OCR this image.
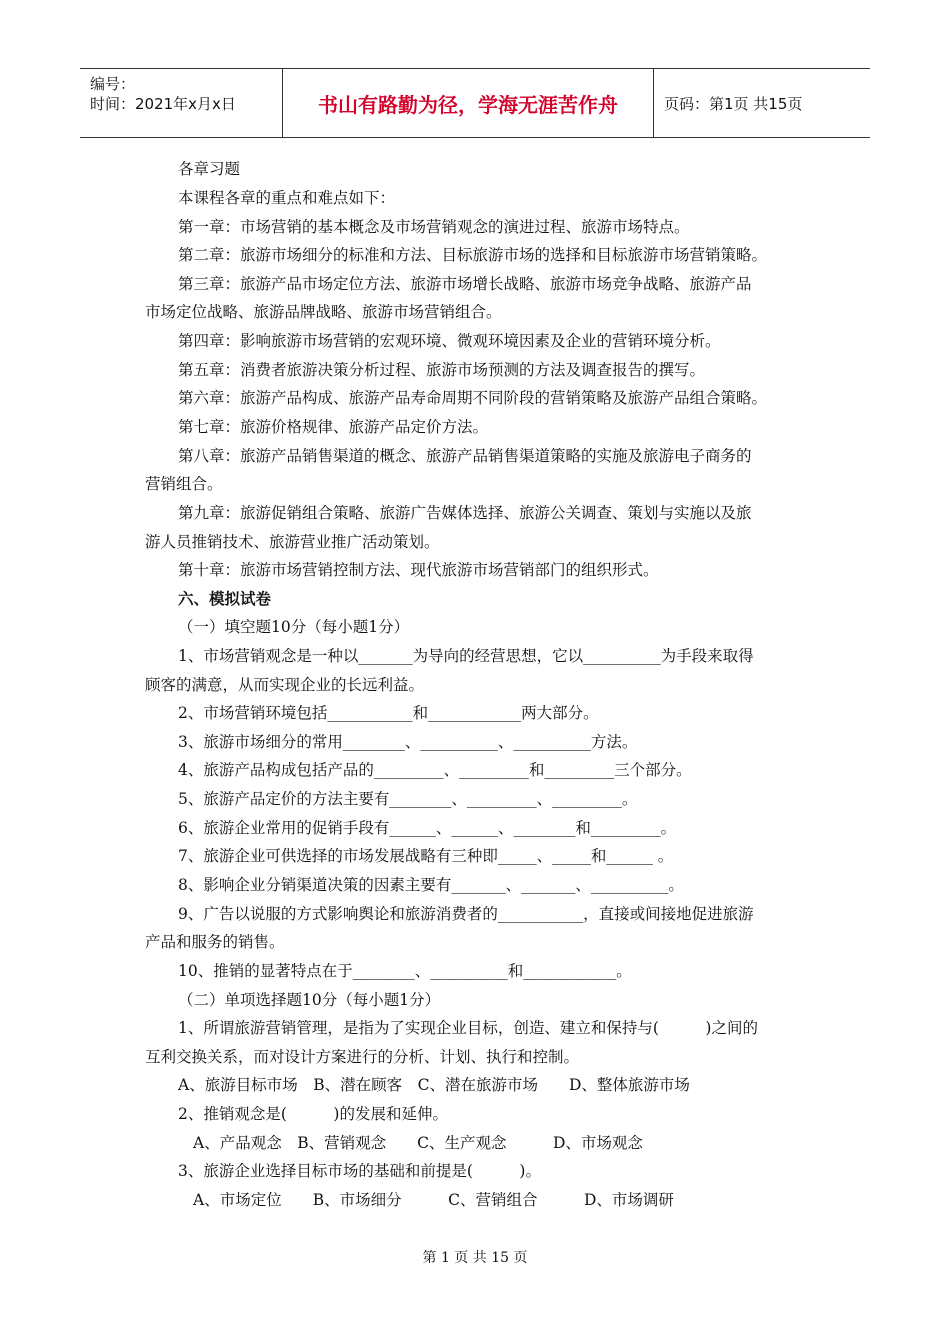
编号：
时间：2021年x月x日	书山有路勤为径，学海无涯苦作舟	页码：第1页 共15页
各章习题
本课程各章的重点和难点如下：
第一章：市场营销的基本概念及市场营销观念的演进过程、旅游市场特点。
第二章：旅游市场细分的标准和方法、目标旅游市场的选择和目标旅游市场营销策略。
第三章：旅游产品市场定位方法、旅游市场增长战略、旅游市场竞争战略、旅游产品
市场定位战略、旅游品牌战略、旅游市场营销组合。
第四章：影响旅游市场营销的宏观环境、微观环境因素及企业的营销环境分析。
第五章：消费者旅游决策分析过程、旅游市场预测的方法及调查报告的撰写。
第六章：旅游产品构成、旅游产品寿命周期不同阶段的营销策略及旅游产品组合策略。
第七章：旅游价格规律、旅游产品定价方法。
第八章：旅游产品销售渠道的概念、旅游产品销售渠道策略的实施及旅游电子商务的
营销组合。
第九章：旅游促销组合策略、旅游广告媒体选择、旅游公关调查、策划与实施以及旅
游人员推销技术、旅游营业推广活动策划。
第十章：旅游市场营销控制方法、现代旅游市场营销部门的组织形式。
六、模拟试卷
（一）填空题10分（每小题1分）
1、市场营销观念是一种以_______为导向的经营思想，它以__________为手段来取得
顾客的满意，从而实现企业的长远利益。
2、市场营销环境包括___________和____________两大部分。
3、旅游市场细分的常用________、__________、__________方法。
4、旅游产品构成包括产品的_________、_________和_________三个部分。
5、旅游产品定价的方法主要有________、_________、_________。
6、旅游企业常用的促销手段有______、______、________和_________。
7、旅游企业可供选择的市场发展战略有三种即_____、_____和______ 。
8、影响企业分销渠道决策的因素主要有_______、_______、__________。
9、广告以说服的方式影响舆论和旅游消费者的___________，直接或间接地促进旅游
产品和服务的销售。
10、推销的显著特点在于________、__________和____________。
（二）单项选择题10分（每小题1分）
1、所谓旅游营销管理，是指为了实现企业目标，创造、建立和保持与(　　　)之间的
互利交换关系，而对设计方案进行的分析、计划、执行和控制。
A、旅游目标市场　B、潜在顾客　C、潜在旅游市场　　D、整体旅游市场
2、推销观念是(　　　)的发展和延伸。
A、产品观念　B、营销观念　　C、生产观念　　　D、市场观念
3、旅游企业选择目标市场的基础和前提是(　　　)。
A、市场定位　　B、市场细分　　　C、营销组合　　　D、市场调研
第 1 页 共 15 页
